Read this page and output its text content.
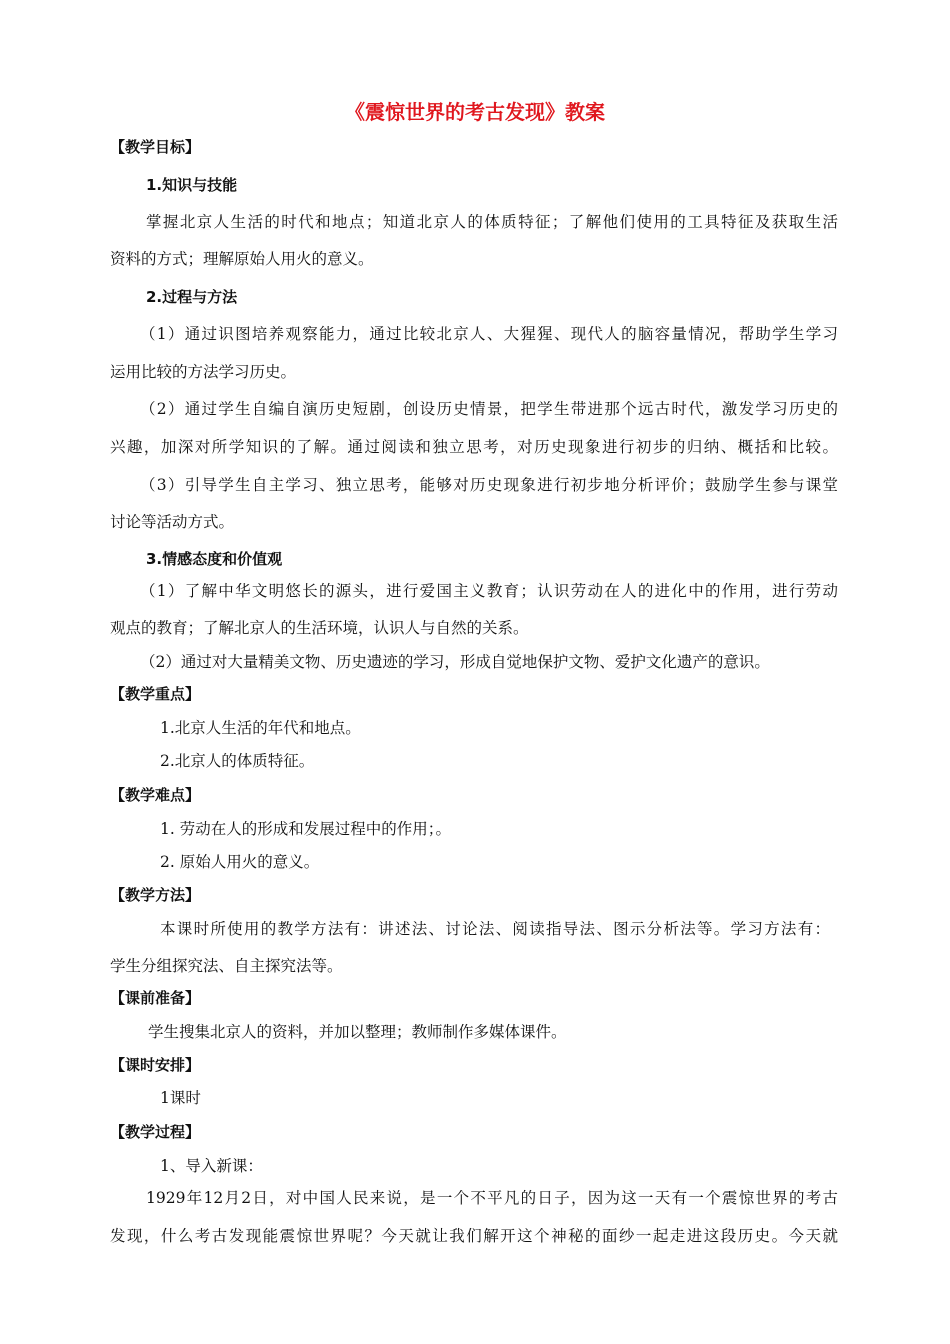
《震惊世界的考古发现》教案
【教学目标】
1.知识与技能
掌握北京人生活的时代和地点；知道北京人的体质特征；了解他们使用的工具特征及获取生活
资料的方式；理解原始人用火的意义。
2.过程与方法
（1）通过识图培养观察能力，通过比较北京人、大猩猩、现代人的脑容量情况，帮助学生学习
运用比较的方法学习历史。
（2）通过学生自编自演历史短剧，创设历史情景，把学生带进那个远古时代，激发学习历史的
兴趣，加深对所学知识的了解。通过阅读和独立思考，对历史现象进行初步的归纳、概括和比较。
（3）引导学生自主学习、独立思考，能够对历史现象进行初步地分析评价；鼓励学生参与课堂
讨论等活动方式。
3.情感态度和价值观
（1）了解中华文明悠长的源头，进行爱国主义教育；认识劳动在人的进化中的作用，进行劳动
观点的教育；了解北京人的生活环境，认识人与自然的关系。
（2）通过对大量精美文物、历史遗迹的学习，形成自觉地保护文物、爱护文化遗产的意识。
【教学重点】
1.北京人生活的年代和地点。
2.北京人的体质特征。
【教学难点】
1. 劳动在人的形成和发展过程中的作用；。
2. 原始人用火的意义。
【教学方法】
本课时所使用的教学方法有：讲述法、讨论法、阅读指导法、图示分析法等。学习方法有：
学生分组探究法、自主探究法等。
【课前准备】
学生搜集北京人的资料，并加以整理；教师制作多媒体课件。
【课时安排】
1课时
【教学过程】
1、导入新课：
1929年12月2日，对中国人民来说，是一个不平凡的日子，因为这一天有一个震惊世界的考古
发现，什么考古发现能震惊世界呢？今天就让我们解开这个神秘的面纱一起走进这段历史。今天就
